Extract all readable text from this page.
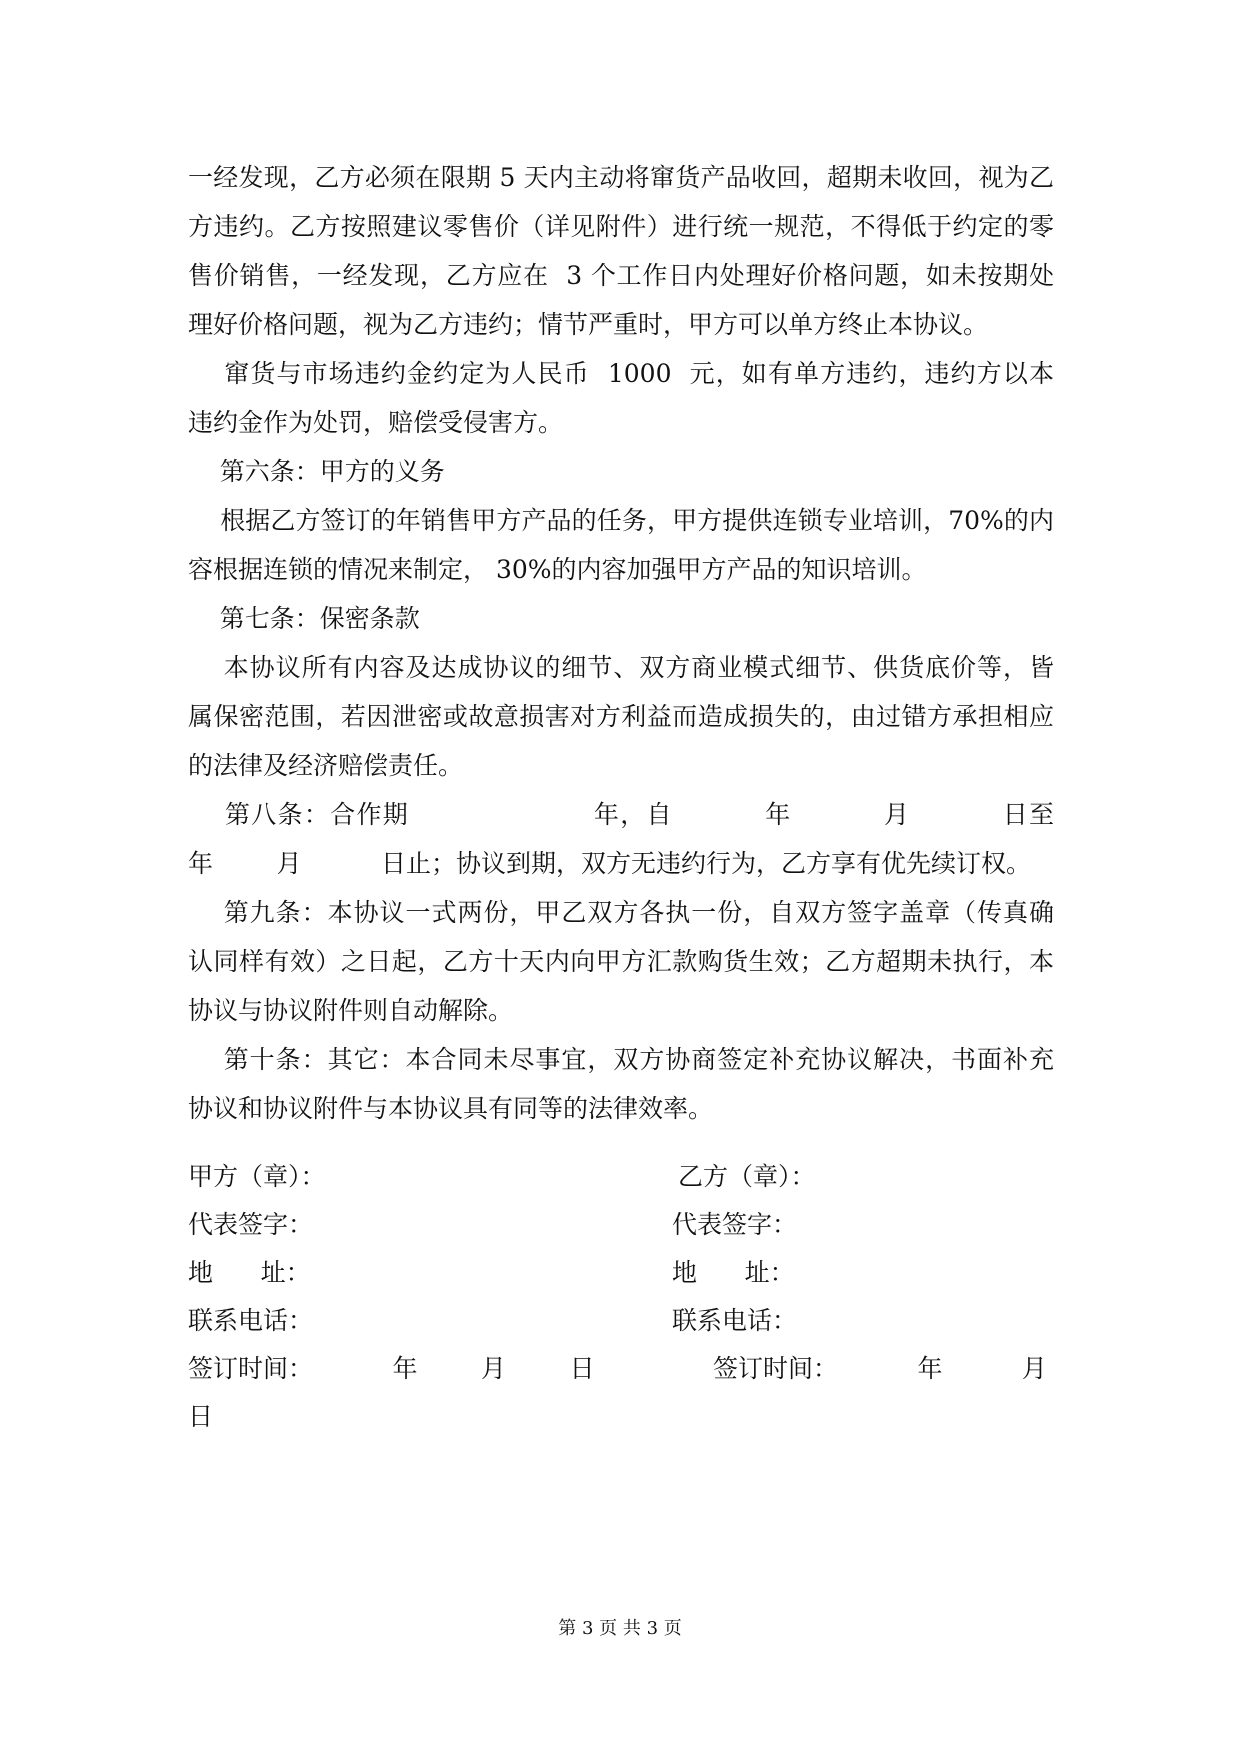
一经发现，乙方必须在限期 5 天内主动将窜货产品收回，超期未收回，视为乙
方违约。乙方按照建议零售价（详见附件）进行统一规范，不得低于约定的零
售价销售，一经发现，乙方应在  3 个工作日内处理好价格问题，如未按期处
理好价格问题，视为乙方违约；情节严重时，甲方可以单方终止本协议。
窜货与市场违约金约定为人民币  1000  元，如有单方违约，违约方以本
违约金作为处罚，赔偿受侵害方。
第六条：甲方的义务
根据乙方签订的年销售甲方产品的任务，甲方提供连锁专业培训，70%的内
容根据连锁的情况来制定， 30%的内容加强甲方产品的知识培训。
第七条：保密条款
本协议所有内容及达成协议的细节、双方商业模式细节、供货底价等，皆
属保密范围，若因泄密或故意损害对方利益而造成损失的，由过错方承担相应
的法律及经济赔偿责任。
第八条：合作期                    年，自          年          月          日至
年        月          日止；协议到期，双方无违约行为，乙方享有优先续订权。
第九条：本协议一式两份，甲乙双方各执一份，自双方签字盖章（传真确
认同样有效）之日起，乙方十天内向甲方汇款购货生效；乙方超期未执行，本
协议与协议附件则自动解除。
第十条：其它：本合同未尽事宜，双方协商签定补充协议解决，书面补充
协议和协议附件与本协议具有同等的法律效率。
甲方（章）：	乙方（章）：
代表签字：	代表签字：
地      址：	地      址：
联系电话：	联系电话：
签订时间：          年        月        日	签订时间：          年          月
日
第 3 页 共 3 页
